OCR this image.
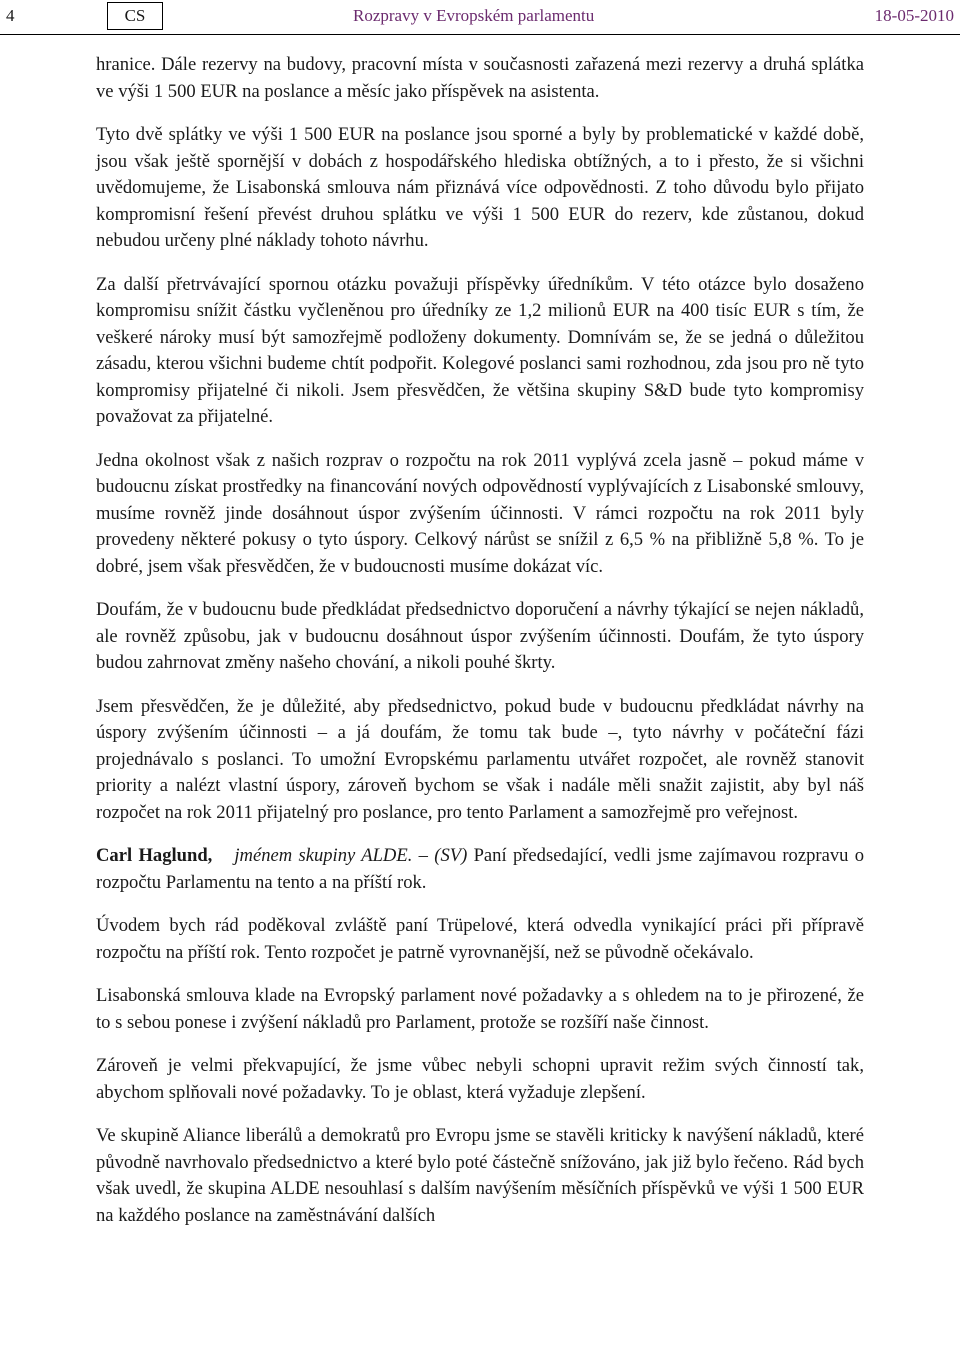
4	CS	Rozpravy v Evropském parlamentu	18-05-2010

hranice. Dále rezervy na budovy, pracovní místa v současnosti zařazená mezi rezervy a druhá splátka ve výši 1 500 EUR na poslance a měsíc jako příspěvek na asistenta.

Tyto dvě splátky ve výši 1 500 EUR na poslance jsou sporné a byly by problematické v každé době, jsou však ještě spornější v dobách z hospodářského hlediska obtížných, a to i přesto, že si všichni uvědomujeme, že Lisabonská smlouva nám přiznává více odpovědnosti. Z toho důvodu bylo přijato kompromisní řešení převést druhou splátku ve výši 1 500 EUR do rezerv, kde zůstanou, dokud nebudou určeny plné náklady tohoto návrhu.

Za další přetrvávající spornou otázku považuji příspěvky úředníkům. V této otázce bylo dosaženo kompromisu snížit částku vyčleněnou pro úředníky ze 1,2 milionů EUR na 400 tisíc EUR s tím, že veškeré nároky musí být samozřejmě podloženy dokumenty. Domnívám se, že se jedná o důležitou zásadu, kterou všichni budeme chtít podpořit. Kolegové poslanci sami rozhodnou, zda jsou pro ně tyto kompromisy přijatelné či nikoli. Jsem přesvědčen, že většina skupiny S&D bude tyto kompromisy považovat za přijatelné.

Jedna okolnost však z našich rozprav o rozpočtu na rok 2011 vyplývá zcela jasně – pokud máme v budoucnu získat prostředky na financování nových odpovědností vyplývajících z Lisabonské smlouvy, musíme rovněž jinde dosáhnout úspor zvýšením účinnosti. V rámci rozpočtu na rok 2011 byly provedeny některé pokusy o tyto úspory. Celkový nárůst se snížil z 6,5 % na přibližně 5,8 %. To je dobré, jsem však přesvědčen, že v budoucnosti musíme dokázat víc.

Doufám, že v budoucnu bude předkládat předsednictvo doporučení a návrhy týkající se nejen nákladů, ale rovněž způsobu, jak v budoucnu dosáhnout úspor zvýšením účinnosti. Doufám, že tyto úspory budou zahrnovat změny našeho chování, a nikoli pouhé škrty.

Jsem přesvědčen, že je důležité, aby předsednictvo, pokud bude v budoucnu předkládat návrhy na úspory zvýšením účinnosti – a já doufám, že tomu tak bude –, tyto návrhy v počáteční fázi projednávalo s poslanci. To umožní Evropskému parlamentu utvářet rozpočet, ale rovněž stanovit priority a nalézt vlastní úspory, zároveň bychom se však i nadále měli snažit zajistit, aby byl náš rozpočet na rok 2011 přijatelný pro poslance, pro tento Parlament a samozřejmě pro veřejnost.

Carl Haglund, jménem skupiny ALDE. – (SV) Paní předsedající, vedli jsme zajímavou rozpravu o rozpočtu Parlamentu na tento a na příští rok.

Úvodem bych rád poděkoval zvláště paní Trüpelové, která odvedla vynikající práci při přípravě rozpočtu na příští rok. Tento rozpočet je patrně vyrovnanější, než se původně očekávalo.

Lisabonská smlouva klade na Evropský parlament nové požadavky a s ohledem na to je přirozené, že to s sebou ponese i zvýšení nákladů pro Parlament, protože se rozšíří naše činnost.

Zároveň je velmi překvapující, že jsme vůbec nebyli schopni upravit režim svých činností tak, abychom splňovali nové požadavky. To je oblast, která vyžaduje zlepšení.

Ve skupině Aliance liberálů a demokratů pro Evropu jsme se stavěli kriticky k navýšení nákladů, které původně navrhovalo předsednictvo a které bylo poté částečně snížováno, jak již bylo řečeno. Rád bych však uvedl, že skupina ALDE nesouhlasí s dalším navýšením měsíčních příspěvků ve výši 1 500 EUR na každého poslance na zaměstnávání dalších
